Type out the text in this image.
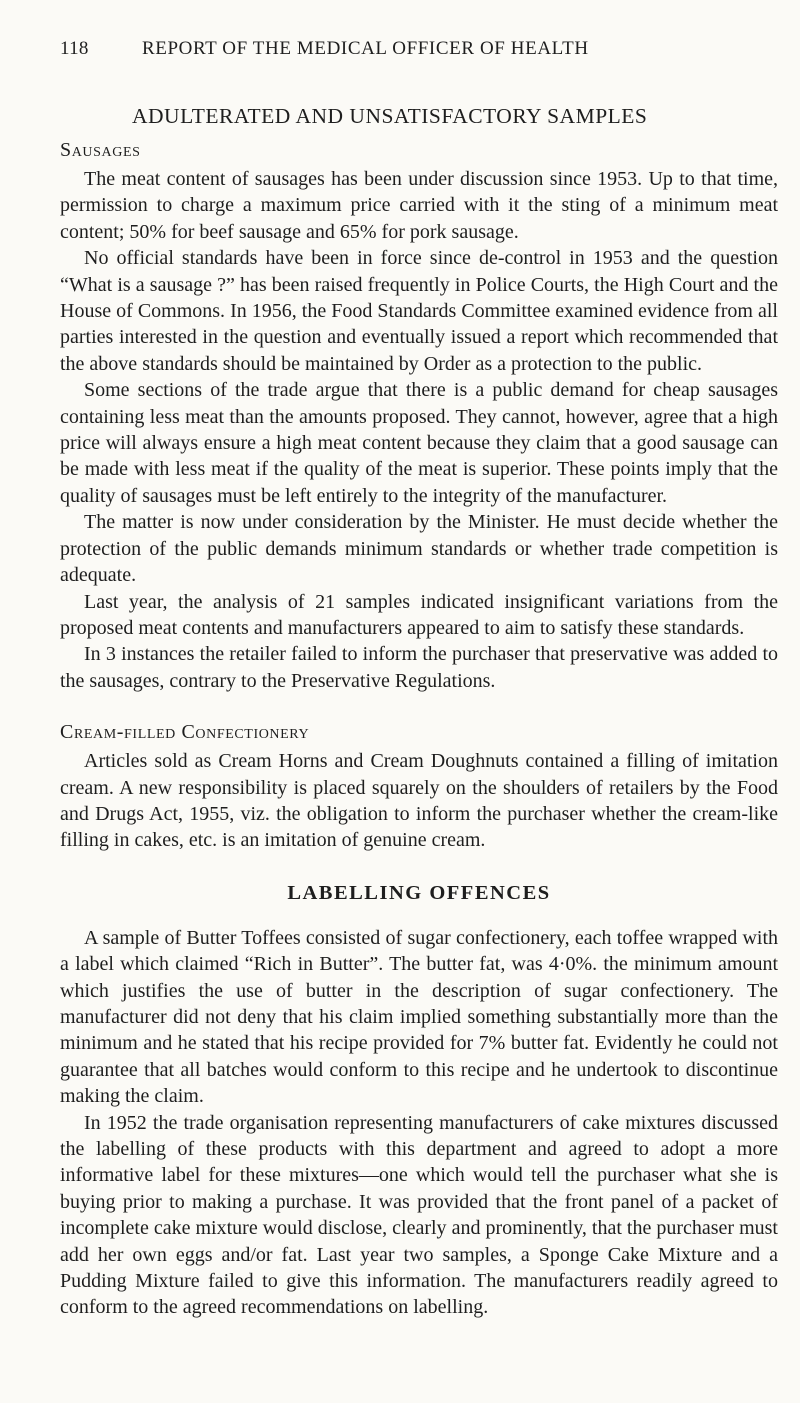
118	REPORT OF THE MEDICAL OFFICER OF HEALTH
ADULTERATED AND UNSATISFACTORY SAMPLES
Sausages

The meat content of sausages has been under discussion since 1953. Up to that time, permission to charge a maximum price carried with it the sting of a minimum meat content; 50% for beef sausage and 65% for pork sausage.

No official standards have been in force since de-control in 1953 and the question “What is a sausage ?” has been raised frequently in Police Courts, the High Court and the House of Commons. In 1956, the Food Standards Committee examined evidence from all parties interested in the question and eventually issued a report which recommended that the above standards should be maintained by Order as a protection to the public.

Some sections of the trade argue that there is a public demand for cheap sausages containing less meat than the amounts proposed. They cannot, however, agree that a high price will always ensure a high meat content because they claim that a good sausage can be made with less meat if the quality of the meat is superior. These points imply that the quality of sausages must be left entirely to the integrity of the manufacturer.

The matter is now under consideration by the Minister. He must decide whether the protection of the public demands minimum standards or whether trade competition is adequate.

Last year, the analysis of 21 samples indicated insignificant variations from the proposed meat contents and manufacturers appeared to aim to satisfy these standards.

In 3 instances the retailer failed to inform the purchaser that preservative was added to the sausages, contrary to the Preservative Regulations.

Cream-filled Confectionery

Articles sold as Cream Horns and Cream Doughnuts contained a filling of imitation cream. A new responsibility is placed squarely on the shoulders of retailers by the Food and Drugs Act, 1955, viz. the obligation to inform the purchaser whether the cream-like filling in cakes, etc. is an imitation of genuine cream.

LABELLING OFFENCES

A sample of Butter Toffees consisted of sugar confectionery, each toffee wrapped with a label which claimed “Rich in Butter”. The butter fat, was 4·0%. the minimum amount which justifies the use of butter in the description of sugar confectionery. The manufacturer did not deny that his claim implied something substantially more than the minimum and he stated that his recipe provided for 7% butter fat. Evidently he could not guarantee that all batches would conform to this recipe and he undertook to discontinue making the claim.

In 1952 the trade organisation representing manufacturers of cake mixtures discussed the labelling of these products with this department and agreed to adopt a more informative label for these mixtures—one which would tell the purchaser what she is buying prior to making a purchase. It was provided that the front panel of a packet of incomplete cake mixture would disclose, clearly and prominently, that the purchaser must add her own eggs and/or fat. Last year two samples, a Sponge Cake Mixture and a Pudding Mixture failed to give this information. The manufacturers readily agreed to conform to the agreed recommendations on labelling.
